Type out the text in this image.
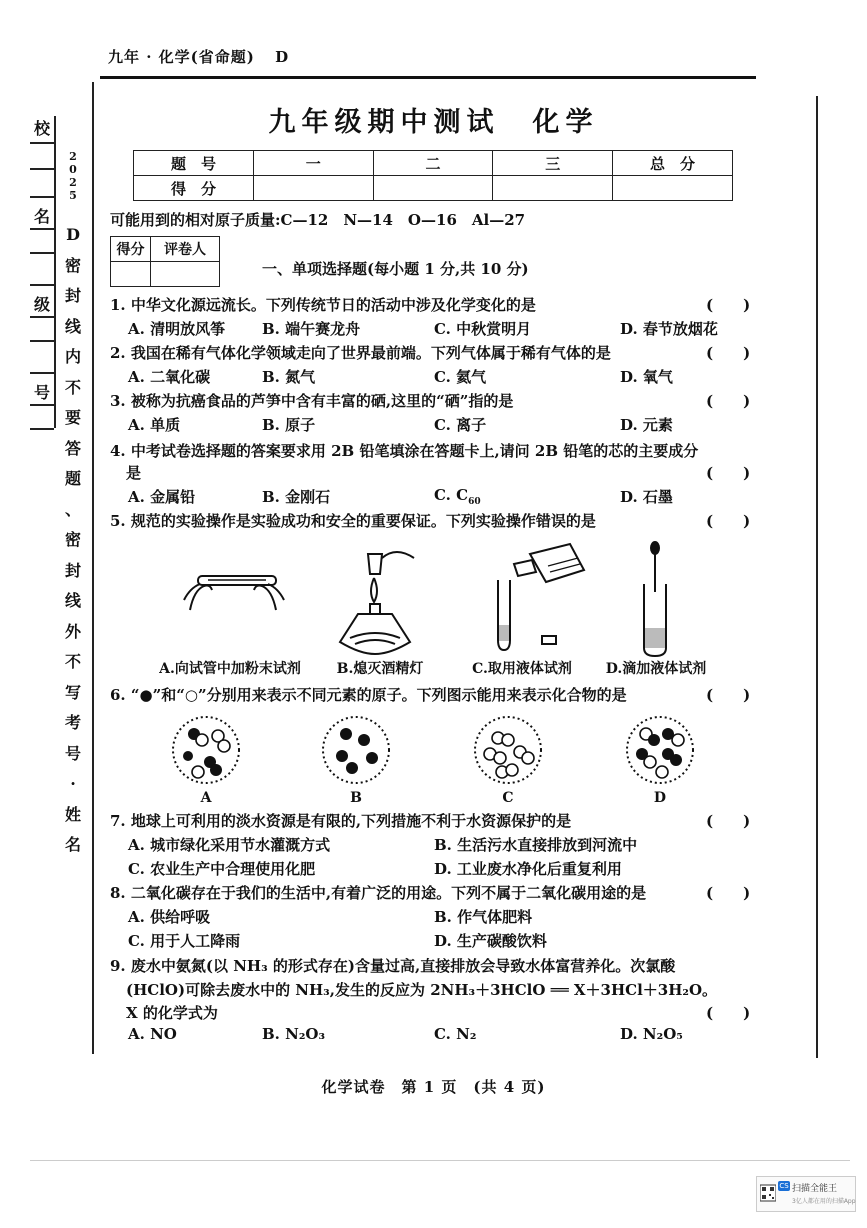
九年 · 化学(省命题) D
九年级期中测试　化学
校
名
级
号
2
0
2
5
D
密
封
线
内
不
要
答
题
、
密
封
线
外
不
写
考
号
·
姓
名
题　号	一	二	三	总　分
得　分				
可能用到的相对原子质量:C—12　N—14　O—16　Al—27
得分	评卷人

一、单项选择题(每小题 1 分,共 10 分)
1. 中华文化源远流长。下列传统节日的活动中涉及化学变化的是	(　　)
A. 清明放风筝 B. 端午赛龙舟	C. 中秋赏明月	D. 春节放烟花
2. 我国在稀有气体化学领域走向了世界最前端。下列气体属于稀有气体的是	(　　)
A. 二氧化碳	B. 氮气	C. 氦气	D. 氧气
3. 被称为抗癌食品的芦笋中含有丰富的硒,这里的“硒”指的是	(　　)
A. 单质	B. 原子	C. 离子	D. 元素
4. 中考试卷选择题的答案要求用 2B 铅笔填涂在答题卡上,请问 2B 铅笔的芯的主要成分
是	(　　)
A. 金属铅	B. 金刚石	C. $C_{60}$	D. 石墨
5. 规范的实验操作是实验成功和安全的重要保证。下列实验操作错误的是	(　　)
A.向试管中加粉末试剂	B.熄灭酒精灯	C.取用液体试剂	D.滴加液体试剂
6. “●”和“○”分别用来表示不同元素的原子。下列图示能用来表示化合物的是	(　　)
A	B	C	D
7. 地球上可利用的淡水资源是有限的,下列措施不利于水资源保护的是	(　　)
A. 城市绿化采用节水灌溉方式	B. 生活污水直接排放到河流中
C. 农业生产中合理使用化肥	D. 工业废水净化后重复利用
8. 二氧化碳存在于我们的生活中,有着广泛的用途。下列不属于二氧化碳用途的是	(　　)
A. 供给呼吸	B. 作气体肥料
C. 用于人工降雨	D. 生产碳酸饮料
9. 废水中氨氮(以 NH₃ 的形式存在)含量过高,直接排放会导致水体富营养化。次氯酸
(HClO)可除去废水中的 NH₃,发生的反应为 2NH₃＋3HClO ══ X＋3HCl＋3H₂O。
X 的化学式为	(　　)
A. NO	B. N₂O₃	C. N₂	D. N₂O₅
化学试卷　第 1 页　(共 4 页)
CS 扫描全能王
3亿人都在用的扫描App
